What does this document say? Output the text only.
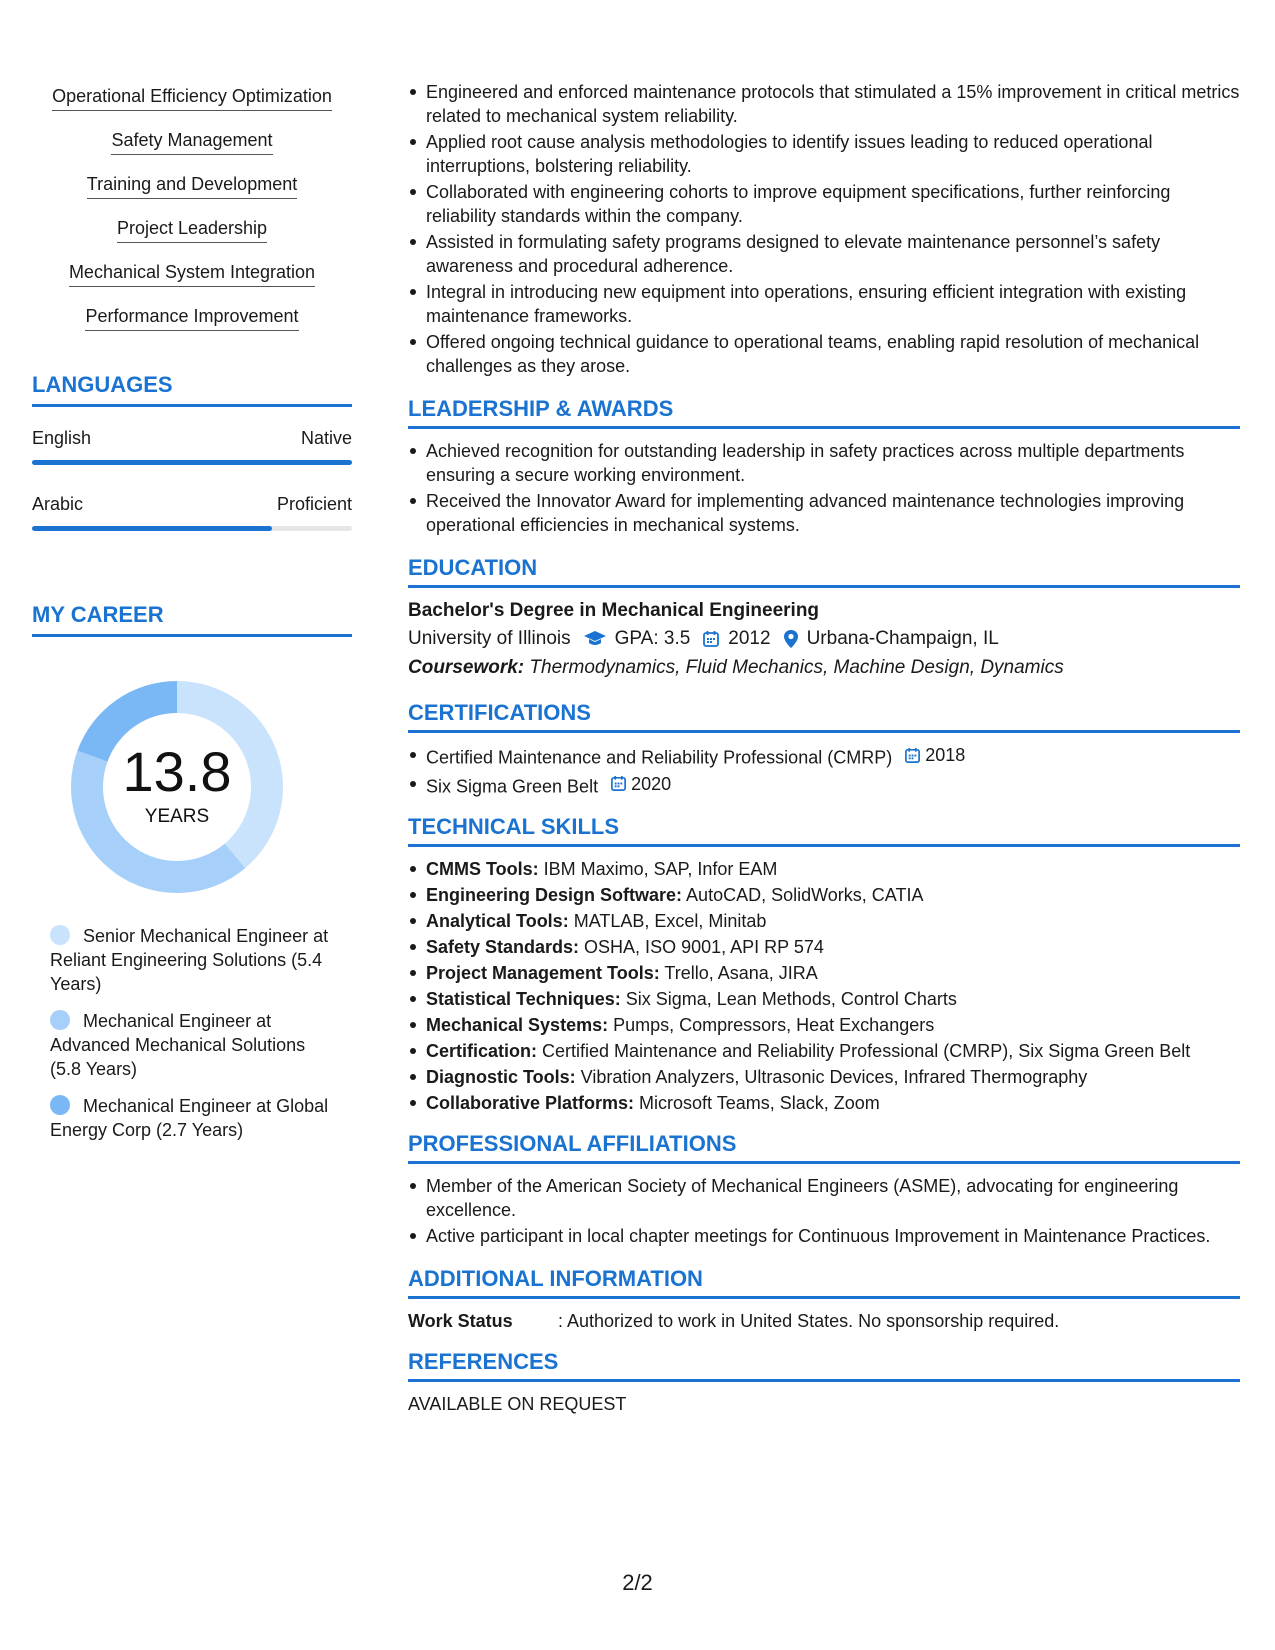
Operational Efficiency Optimization
Safety Management
Training and Development
Project Leadership
Mechanical System Integration
Performance Improvement
LANGUAGES
English	Native
Arabic	Proficient
MY CAREER
13.8
YEARS
Senior Mechanical Engineer at Reliant Engineering Solutions (5.4 Years)
Mechanical Engineer at Advanced Mechanical Solutions (5.8 Years)
Mechanical Engineer at Global Energy Corp (2.7 Years)
Engineered and enforced maintenance protocols that stimulated a 15% improvement in critical metrics related to mechanical system reliability.
Applied root cause analysis methodologies to identify issues leading to reduced operational interruptions, bolstering reliability.
Collaborated with engineering cohorts to improve equipment specifications, further reinforcing reliability standards within the company.
Assisted in formulating safety programs designed to elevate maintenance personnel’s safety awareness and procedural adherence.
Integral in introducing new equipment into operations, ensuring efficient integration with existing maintenance frameworks.
Offered ongoing technical guidance to operational teams, enabling rapid resolution of mechanical challenges as they arose.
LEADERSHIP & AWARDS
Achieved recognition for outstanding leadership in safety practices across multiple departments ensuring a secure working environment.
Received the Innovator Award for implementing advanced maintenance technologies improving operational efficiencies in mechanical systems.
EDUCATION
Bachelor's Degree in Mechanical Engineering
University of Illinois GPA: 3.5 2012 Urbana-Champaign, IL
Coursework: Thermodynamics, Fluid Mechanics, Machine Design, Dynamics
CERTIFICATIONS
Certified Maintenance and Reliability Professional (CMRP) 2018
Six Sigma Green Belt 2020
TECHNICAL SKILLS
CMMS Tools: IBM Maximo, SAP, Infor EAM
Engineering Design Software: AutoCAD, SolidWorks, CATIA
Analytical Tools: MATLAB, Excel, Minitab
Safety Standards: OSHA, ISO 9001, API RP 574
Project Management Tools: Trello, Asana, JIRA
Statistical Techniques: Six Sigma, Lean Methods, Control Charts
Mechanical Systems: Pumps, Compressors, Heat Exchangers
Certification: Certified Maintenance and Reliability Professional (CMRP), Six Sigma Green Belt
Diagnostic Tools: Vibration Analyzers, Ultrasonic Devices, Infrared Thermography
Collaborative Platforms: Microsoft Teams, Slack, Zoom
PROFESSIONAL AFFILIATIONS
Member of the American Society of Mechanical Engineers (ASME), advocating for engineering excellence.
Active participant in local chapter meetings for Continuous Improvement in Maintenance Practices.
ADDITIONAL INFORMATION
Work Status	: Authorized to work in United States. No sponsorship required.
REFERENCES
AVAILABLE ON REQUEST
2/2
